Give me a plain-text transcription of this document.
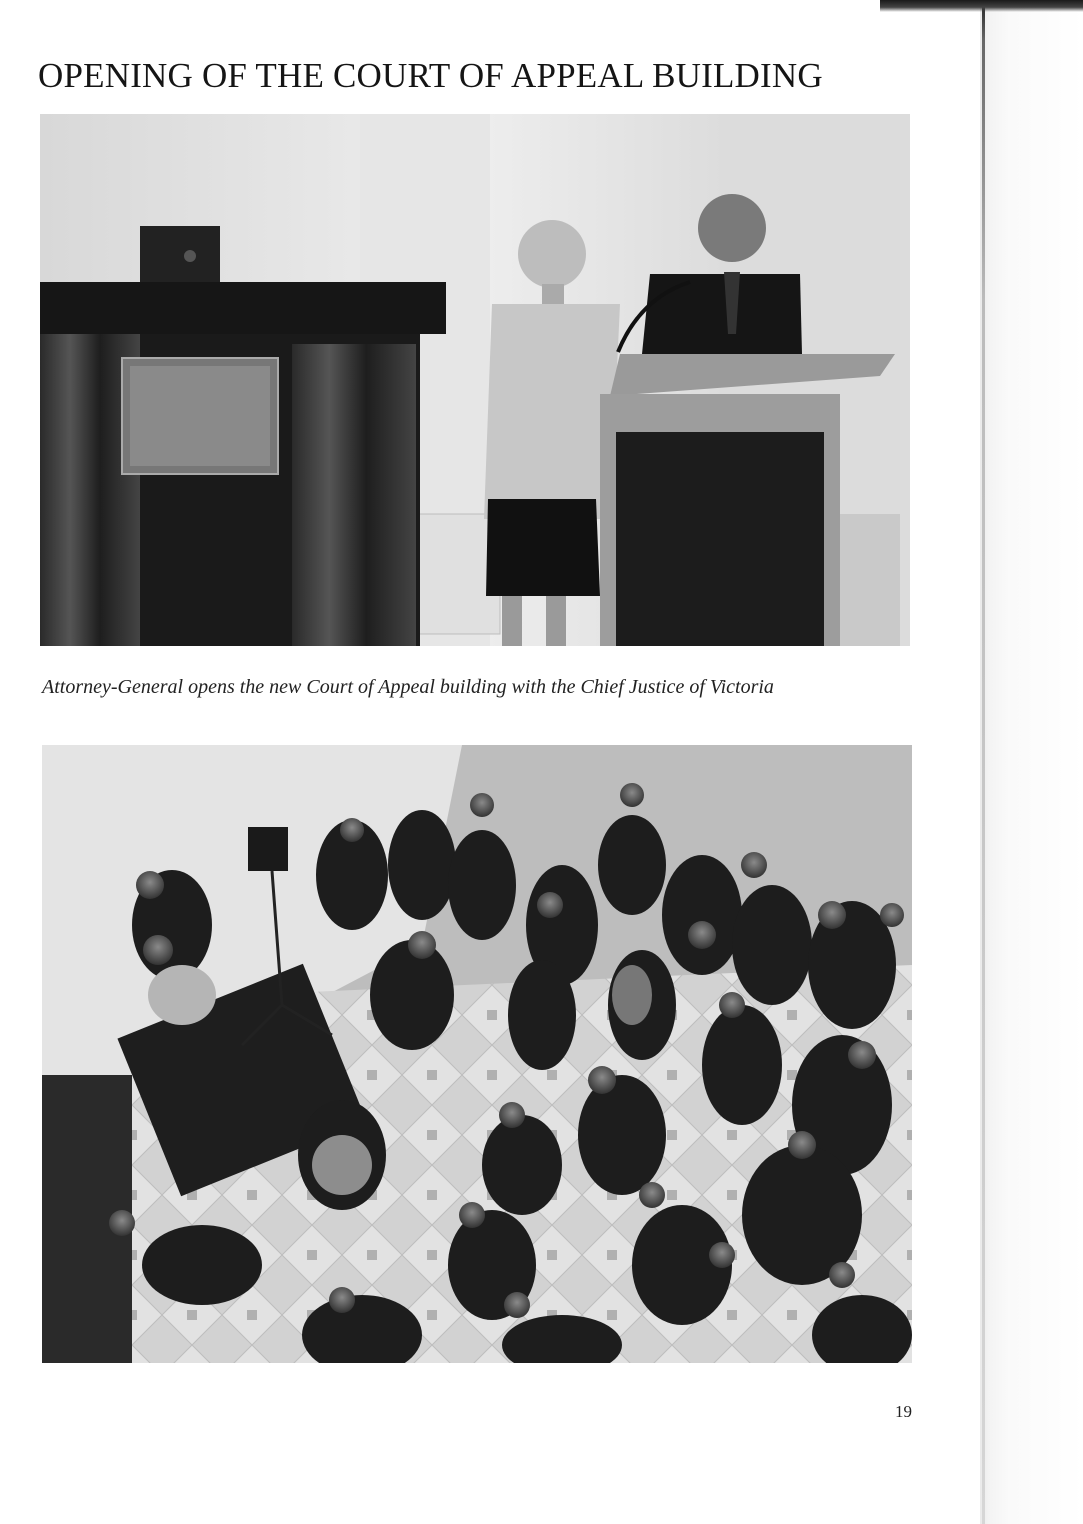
OPENING OF THE COURT OF APPEAL BUILDING

Attorney-General opens the new Court of Appeal building with the Chief Justice of Victoria

19
